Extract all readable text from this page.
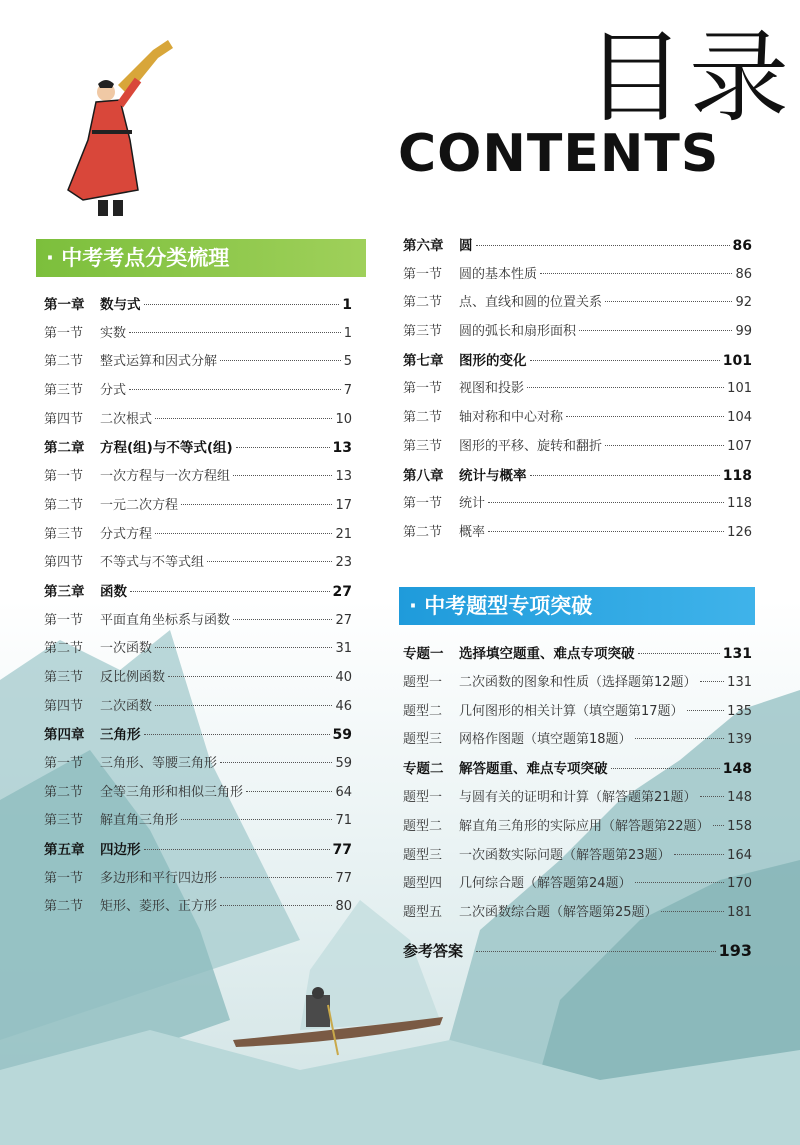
目录
CONTENTS
· 中考考点分类梳理
· 中考题型专项突破
第一章	数与式	1
第一节	实数	1
第二节	整式运算和因式分解	5
第三节	分式	7
第四节	二次根式	10
第二章	方程(组)与不等式(组)	13
第一节	一次方程与一次方程组	13
第二节	一元二次方程	17
第三节	分式方程	21
第四节	不等式与不等式组	23
第三章	函数	27
第一节	平面直角坐标系与函数	27
第二节	一次函数	31
第三节	反比例函数	40
第四节	二次函数	46
第四章	三角形	59
第一节	三角形、等腰三角形	59
第二节	全等三角形和相似三角形	64
第三节	解直角三角形	71
第五章	四边形	77
第一节	多边形和平行四边形	77
第二节	矩形、菱形、正方形	80
第六章	圆	86
第一节	圆的基本性质	86
第二节	点、直线和圆的位置关系	92
第三节	圆的弧长和扇形面积	99
第七章	图形的变化	101
第一节	视图和投影	101
第二节	轴对称和中心对称	104
第三节	图形的平移、旋转和翻折	107
第八章	统计与概率	118
第一节	统计	118
第二节	概率	126
专题一	选择填空题重、难点专项突破	131
题型一	二次函数的图象和性质（选择题第12题） 131
题型二	几何图形的相关计算（填空题第17题）	135
题型三	网格作图题（填空题第18题）	139
专题二	解答题重、难点专项突破	148
题型一	与圆有关的证明和计算（解答题第21题） 148
题型二	解直角三角形的实际应用（解答题第22题） 158
题型三	一次函数实际问题（解答题第23题）	164
题型四	几何综合题（解答题第24题）	170
题型五	二次函数综合题（解答题第25题）	181
参考答案	193
